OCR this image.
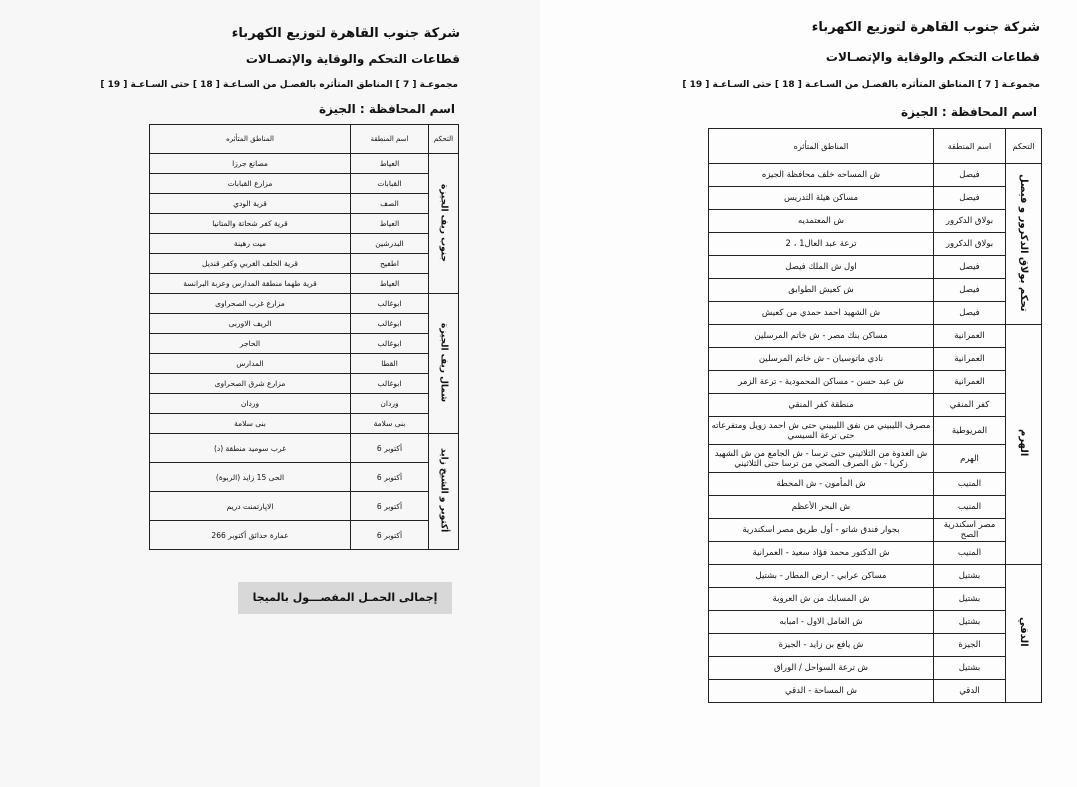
شركة جنوب القاهرة لتوزيع الكهرباء
قطاعات التحكم والوقاية والإتصـالات
مجموعـة [ 7 ] المناطق المتأثره بالفصـل من السـاعـة [ 18 ] حتى السـاعـة [ 19 ]
اسم المحافظة : الجيزة
التحكم	اسم المنطقة	المناطق المتأثره
جنوب ريف الجيزة	العياط	مصانع جرزا
	القبابات	مزارع القبابات
	الصف	قرية الودي
	العياط	قرية كفر شحاتة والمتانيا
	البدرشين	ميت رهينة
	اطفيح	قرية الحلف الغربي وكفر قنديل
	العياط	قرية طهما منطقة المدارس وعزبة البرانسة
شمال ريف الجيزة	ابوغالب	مزارع غرب الصحراوى
	ابوغالب	الريف الاوربى
	ابوغالب	الحاجر
	القطا	المدارس
	ابوغالب	مزارع شرق الصحراوى
	وردان	وردان
	بنى سلامة	بنى سلامة
أكتوبر و الشيخ زايد	أكتوبر 6	غرب سوميد منطقة (د)
	أكتوبر 6	الحى 15 زايد (الربوة)
	أكتوبر 6	الاپارتمنت دريم
	أكتوبر 6	عمارة حدائق أكتوبر 266
إجمالى الحمـل المفصـــول بالميجا
شركة جنوب القاهرة لتوزيع الكهرباء
قطاعات التحكم والوقاية والإتصـالات
مجموعـة [ 7 ] المناطق المتأثره بالفصـل من السـاعـة [ 18 ] حتى السـاعـة [ 19 ]
اسم المحافظة : الجيزة
التحكم	اسم المنطقة	المناطق المتأثره
تحكم بولاق الدكرور و فيصل	فيصل	ش المساحه خلف محافظة الجيزه
	فيصل	مساكن هيئة التدريس
	بولاق الدكرور	ش المعتمديه
	بولاق الدكرور	ترعة عبد العال1 ، 2
	فيصل	اول ش الملك فيصل
	فيصل	ش كعيش الطوابق
	فيصل	ش الشهيد احمد حمدي من كعيش
الهرم	العمرانية	مساكن بنك مصر - ش خاتم المرسلين
	العمرانية	نادي ماتوسيان - ش خاتم المرسلين
	العمرانية	ش عبد حسن - مساكن المحمودية - ترعة الزمر
	كفر المنقي	منطقة كفر المنقي
	المريوطية	مصرف الليبيني من نفق الليبيني حتى ش احمد زويل ومتفرعاته حتى ترعة السيسي
	الهرم	ش العدوة من الثلاثيني حتى ترسا - ش الجامع من ش الشهيد زكريا - ش الصرف الصحي من ترسا حتى الثلاثيني
	المنيب	ش المأمون - ش المحطة
	المنيب	ش البحر الأعظم
	مصر اسكندرية الصح	بجوار فندق شاتو - أول طريق مصر اسكندرية
	المنيب	ش الدكتور محمد فؤاد سعيد - العمرانية
الدقي	بشتيل	مساكن عرابي - ارض المطار - بشتيل
	بشتيل	ش المسابك من ش العروبة
	بشتيل	ش العامل الاول - امبابه
	الجيزة	ش يافع بن زايد - الجيزة
	بشتيل	ش ترعة السواحل / الوراق
	الدقي	ش المساحة - الدقي
